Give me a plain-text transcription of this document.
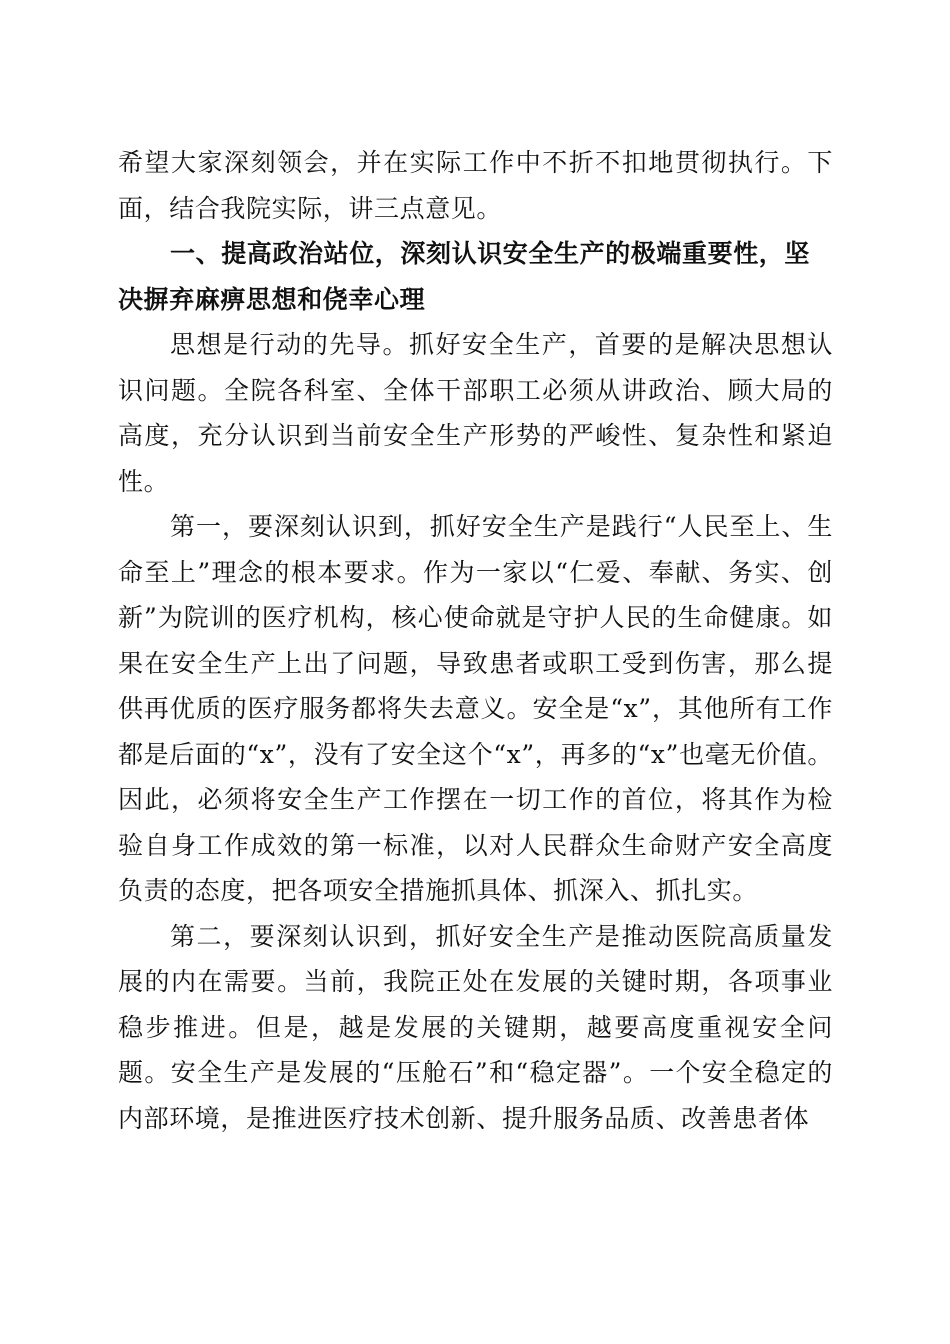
希望大家深刻领会，并在实际工作中不折不扣地贯彻执行。下面，结合我院实际，讲三点意见。

一、提高政治站位，深刻认识安全生产的极端重要性，坚决摒弃麻痹思想和侥幸心理

思想是行动的先导。抓好安全生产，首要的是解决思想认识问题。全院各科室、全体干部职工必须从讲政治、顾大局的高度，充分认识到当前安全生产形势的严峻性、复杂性和紧迫性。

第一，要深刻认识到，抓好安全生产是践行“人民至上、生命至上”理念的根本要求。作为一家以“仁爱、奉献、务实、创新”为院训的医疗机构，核心使命就是守护人民的生命健康。如果在安全生产上出了问题，导致患者或职工受到伤害，那么提供再优质的医疗服务都将失去意义。安全是“x”，其他所有工作都是后面的“x”，没有了安全这个“x”，再多的“x”也毫无价值。因此，必须将安全生产工作摆在一切工作的首位，将其作为检验自身工作成效的第一标准，以对人民群众生命财产安全高度负责的态度，把各项安全措施抓具体、抓深入、抓扎实。

第二，要深刻认识到，抓好安全生产是推动医院高质量发展的内在需要。当前，我院正处在发展的关键时期，各项事业稳步推进。但是，越是发展的关键期，越要高度重视安全问题。安全生产是发展的“压舱石”和“稳定器”。一个安全稳定的内部环境，是推进医疗技术创新、提升服务品质、改善患者体
